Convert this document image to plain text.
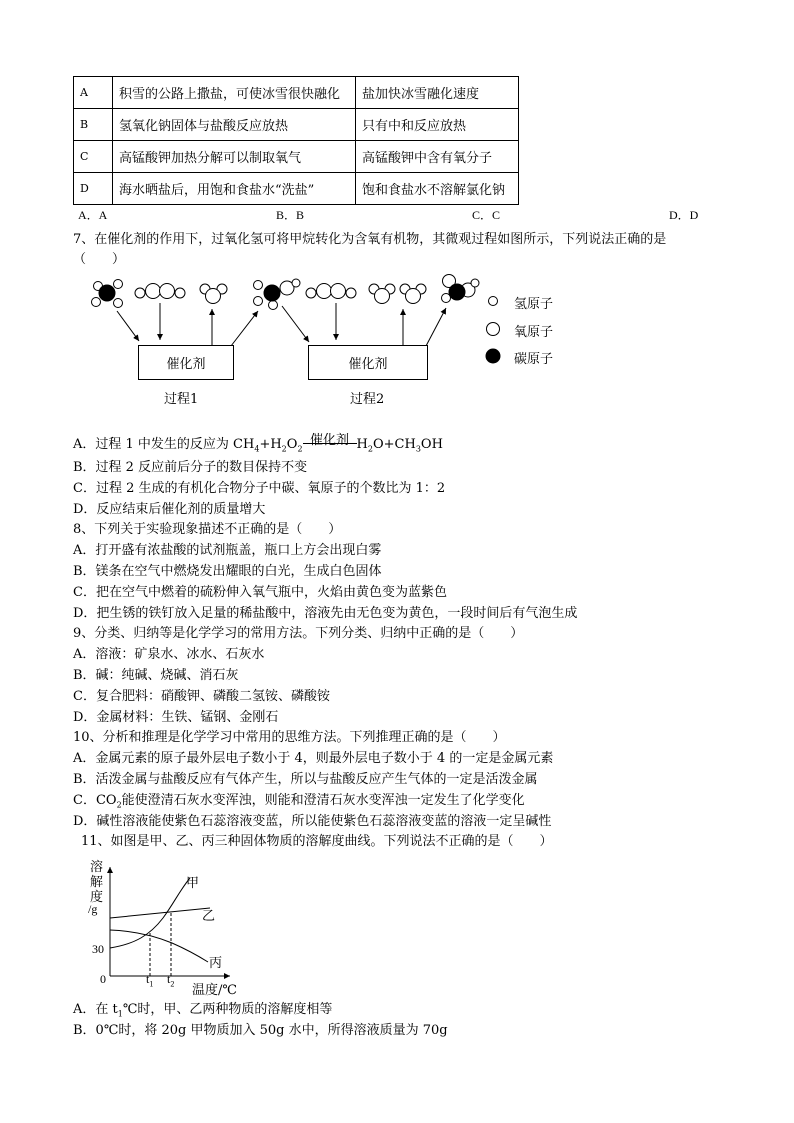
A	积雪的公路上撒盐，可使冰雪很快融化	盐加快冰雪融化速度
B	氢氧化钠固体与盐酸反应放热	只有中和反应放热
C	高锰酸钾加热分解可以制取氧气	高锰酸钾中含有氧分子
D	海水晒盐后，用饱和食盐水“洗盐”	饱和食盐水不溶解氯化钠
A．A	B．B	C．C	D．D
7、在催化剂的作用下，过氧化氢可将甲烷转化为含氧有机物，其微观过程如图所示，下列说法正确的是
（　　）
催化剂	催化剂
过程1	过程2
氢原子
氧原子
碳原子
A．过程 1 中发生的反应为 $CH_4+H_2O_2$
催化剂 $H_2O+CH_3OH$
B．过程 2 反应前后分子的数目保持不变
C．过程 2 生成的有机化合物分子中碳、氧原子的个数比为 1：2
D．反应结束后催化剂的质量增大
8、下列关于实验现象描述不正确的是（　　）
A．打开盛有浓盐酸的试剂瓶盖，瓶口上方会出现白雾
B．镁条在空气中燃烧发出耀眼的白光，生成白色固体
C．把在空气中燃着的硫粉伸入氧气瓶中，火焰由黄色变为蓝紫色
D．把生锈的铁钉放入足量的稀盐酸中，溶液先由无色变为黄色，一段时间后有气泡生成
9、分类、归纳等是化学学习的常用方法。下列分类、归纳中正确的是（　　）
A．溶液：矿泉水、冰水、石灰水
B．碱：纯碱、烧碱、消石灰
C．复合肥料：硝酸钾、磷酸二氢铵、磷酸铵
D．金属材料：生铁、锰钢、金刚石
10、分析和推理是化学学习中常用的思维方法。下列推理正确的是（　　）
A．金属元素的原子最外层电子数小于 4，则最外层电子数小于 4 的一定是金属元素
B．活泼金属与盐酸反应有气体产生，所以与盐酸反应产生气体的一定是活泼金属
C．$CO_2$能使澄清石灰水变浑浊，则能和澄清石灰水变浑浊一定发生了化学变化
D．碱性溶液能使紫色石蕊溶液变蓝，所以能使紫色石蕊溶液变蓝的溶液一定呈碱性
11、如图是甲、乙、丙三种固体物质的溶解度曲线。下列说法不正确的是（　　）
溶
解
度
/g
30
0	$t_1$ $t_2$ 温度/℃
甲
乙
丙
A．在 $t_1℃$时，甲、乙两种物质的溶解度相等
B．0℃时，将 20g 甲物质加入 50g 水中，所得溶液质量为 70g
